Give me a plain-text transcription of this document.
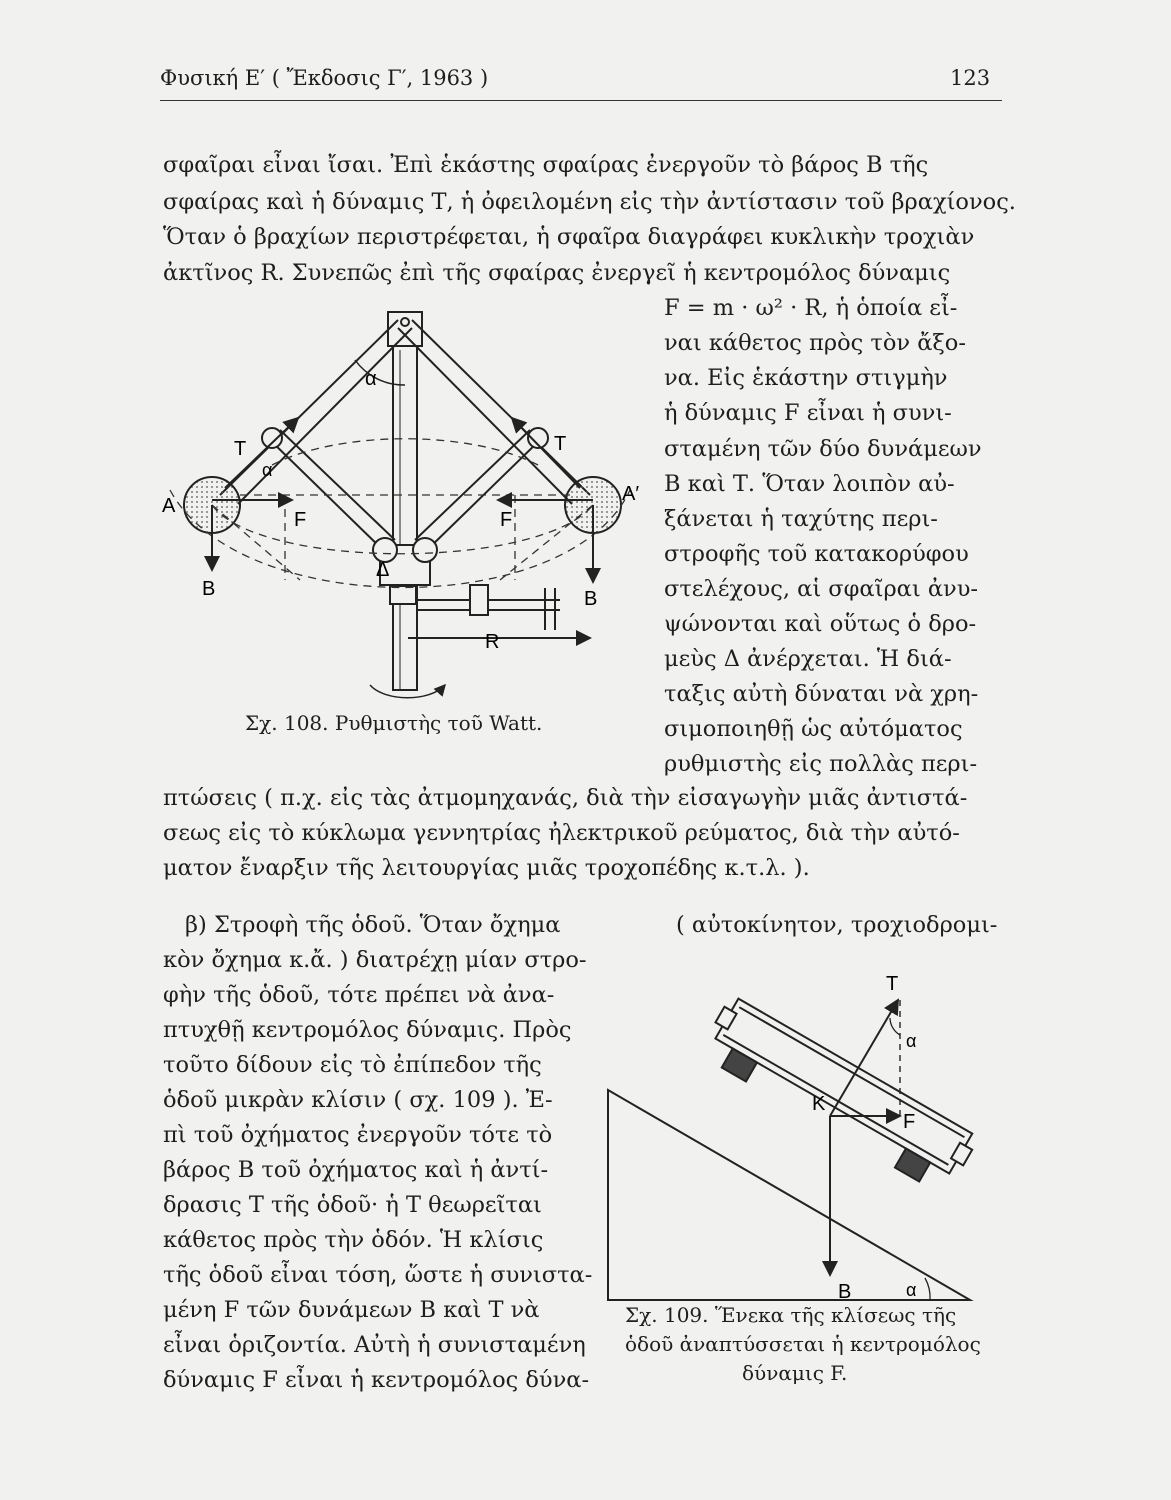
Φυσική Ε′ ( Ἔκδοσις Γ′, 1963 )	123
σφαῖραι εἶναι ἴσαι. Ἐπὶ ἑκάστης σφαίρας ἐνεργοῦν τὸ βάρος Β τῆς
σφαίρας καὶ ἡ δύναμις Τ, ἡ ὀφειλομένη εἰς τὴν ἀντίστασιν τοῦ βραχίονος.
Ὅταν ὁ βραχίων περιστρέφεται, ἡ σφαῖρα διαγράφει κυκλικὴν τροχιὰν
ἀκτῖνος R. Συνεπῶς ἐπὶ τῆς σφαίρας ἐνεργεῖ ἡ κεντρομόλος δύναμις
F = m · ω² · R, ἡ ὁποία εἶ-
ναι κάθετος πρὸς τὸν ἄξο-
να. Εἰς ἑκάστην στιγμὴν
ἡ δύναμις F εἶναι ἡ συνι-
σταμένη τῶν δύο δυνάμεων
Β καὶ Τ. Ὅταν λοιπὸν αὐ-
ξάνεται ἡ ταχύτης περι-
στροφῆς τοῦ κατακορύφου
στελέχους, αἱ σφαῖραι ἀνυ-
ψώνονται καὶ οὕτως ὁ δρο-
μεὺς Δ ἀνέρχεται. Ἡ διά-
ταξις αὐτὴ δύναται νὰ χρη-
σιμοποιηθῇ ὡς αὐτόματος
ρυθμιστὴς εἰς πολλὰς περι-
πτώσεις ( π.χ. εἰς τὰς ἀτμομηχανάς, διὰ τὴν εἰσαγωγὴν μιᾶς ἀντιστά-
σεως εἰς τὸ κύκλωμα γεννητρίας ἠλεκτρικοῦ ρεύματος, διὰ τὴν αὐτό-
ματον ἔναρξιν τῆς λειτουργίας μιᾶς τροχοπέδης κ.τ.λ. ).
β) Στροφὴ τῆς ὁδοῦ. Ὅταν ὄχημα	( αὐτοκίνητον, τροχιοδρομι-
κὸν ὄχημα κ.ἄ. ) διατρέχῃ μίαν στρο-
φὴν τῆς ὁδοῦ, τότε πρέπει νὰ ἀνα-
πτυχθῇ κεντρομόλος δύναμις. Πρὸς
τοῦτο δίδουν εἰς τὸ ἐπίπεδον τῆς
ὁδοῦ μικρὰν κλίσιν ( σχ. 109 ). Ἐ-
πὶ τοῦ ὀχήματος ἐνεργοῦν τότε τὸ
βάρος Β τοῦ ὀχήματος καὶ ἡ ἀντί-
δρασις Τ τῆς ὁδοῦ· ἡ Τ θεωρεῖται
κάθετος πρὸς τὴν ὁδόν. Ἡ κλίσις
τῆς ὁδοῦ εἶναι τόση, ὥστε ἡ συνιστα-
μένη F τῶν δυνάμεων Β καὶ Τ νὰ
εἶναι ὁριζοντία. Αὐτὴ ἡ συνισταμένη
δύναμις F εἶναι ἡ κεντρομόλος δύνα-
α
T	T
α
A
A′
F	F
Δ
B	B
R
Σχ. 108. Ρυθμιστὴς τοῦ Watt.
T
α
K
F
B	α
Σχ. 109. Ἕνεκα τῆς κλίσεως τῆς
ὁδοῦ ἀναπτύσσεται ἡ κεντρομόλος
δύναμις F.
